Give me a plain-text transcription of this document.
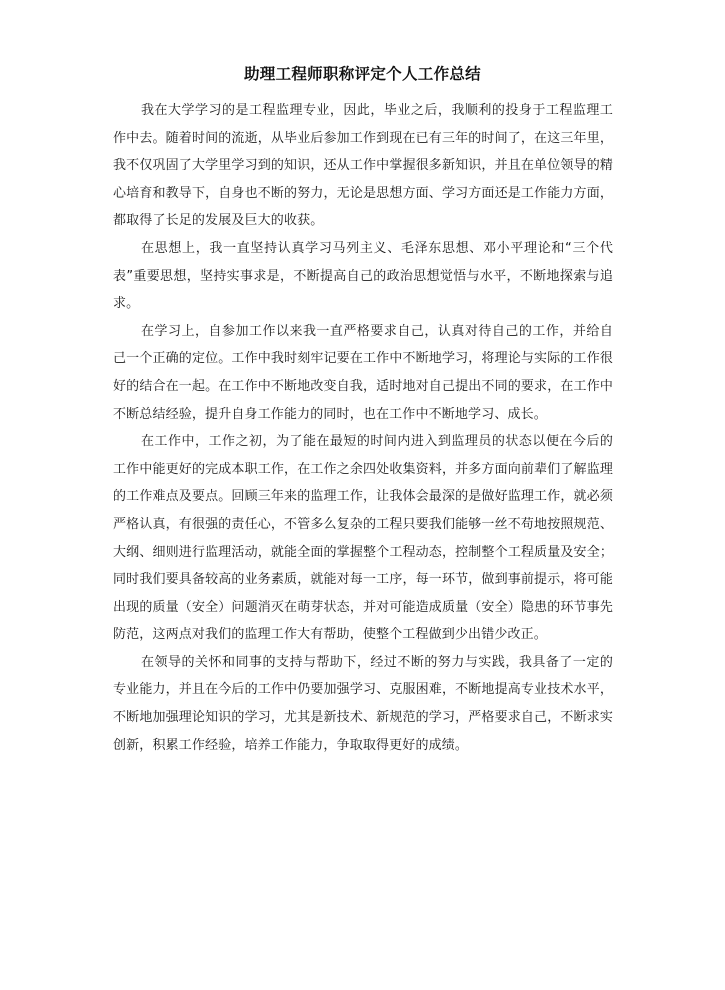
助理工程师职称评定个人工作总结

我在大学学习的是工程监理专业，因此，毕业之后，我顺利的投身于工程监理工作中去。随着时间的流逝，从毕业后参加工作到现在已有三年的时间了，在这三年里，我不仅巩固了大学里学习到的知识，还从工作中掌握很多新知识，并且在单位领导的精心培育和教导下，自身也不断的努力，无论是思想方面、学习方面还是工作能力方面，都取得了长足的发展及巨大的收获。

在思想上，我一直坚持认真学习马列主义、毛泽东思想、邓小平理论和“三个代表”重要思想，坚持实事求是，不断提高自己的政治思想觉悟与水平，不断地探索与追求。

在学习上，自参加工作以来我一直严格要求自己，认真对待自己的工作，并给自己一个正确的定位。工作中我时刻牢记要在工作中不断地学习，将理论与实际的工作很好的结合在一起。在工作中不断地改变自我，适时地对自己提出不同的要求，在工作中不断总结经验，提升自身工作能力的同时，也在工作中不断地学习、成长。

在工作中，工作之初，为了能在最短的时间内进入到监理员的状态以便在今后的工作中能更好的完成本职工作，在工作之余四处收集资料，并多方面向前辈们了解监理的工作难点及要点。回顾三年来的监理工作，让我体会最深的是做好监理工作，就必须严格认真，有很强的责任心，不管多么复杂的工程只要我们能够一丝不苟地按照规范、大纲、细则进行监理活动，就能全面的掌握整个工程动态，控制整个工程质量及安全；同时我们要具备较高的业务素质，就能对每一工序，每一环节，做到事前提示，将可能出现的质量（安全）问题消灭在萌芽状态，并对可能造成质量（安全）隐患的环节事先防范，这两点对我们的监理工作大有帮助，使整个工程做到少出错少改正。

在领导的关怀和同事的支持与帮助下，经过不断的努力与实践，我具备了一定的专业能力，并且在今后的工作中仍要加强学习、克服困难，不断地提高专业技术水平，不断地加强理论知识的学习，尤其是新技术、新规范的学习，严格要求自己，不断求实创新，积累工作经验，培养工作能力，争取取得更好的成绩。
